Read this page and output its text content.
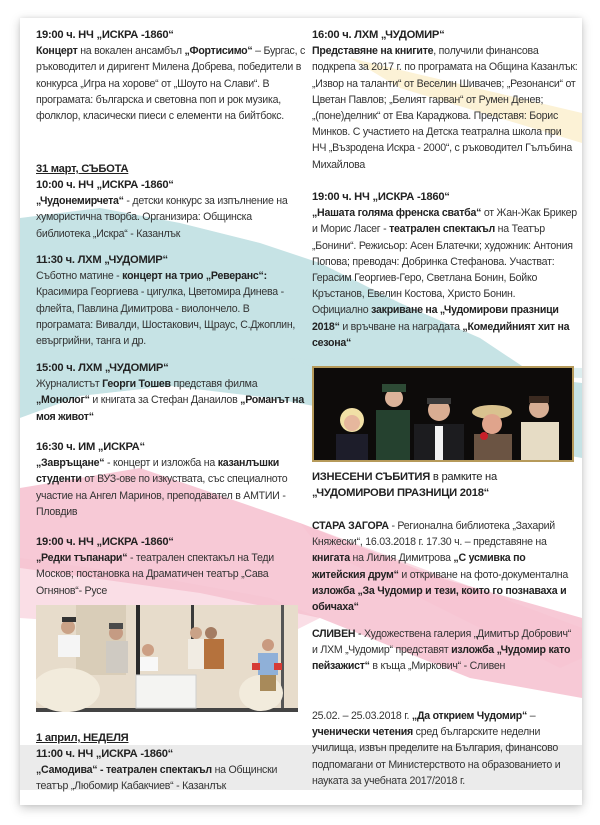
19:00 ч. НЧ „ИСКРА -1860“
Концерт на вокален ансамбъл „Фортисимо“ – Бургас, с ръководител и диригент Милена Добрева, победители в конкурса „Игра на хорове“ от „Шоуто на Слави“. В програмата: българска и световна поп и рок музика, фолклор, класически пиеси с елементи на бийтбокс.
31 март, СЪБОТА
10:00 ч. НЧ „ИСКРА -1860“
„Чудонемирчета“ - детски конкурс за изпълнение на хумористична творба. Организира: Общинска библиотека „Искра“ - Казанлък
11:30 ч. ЛХМ „ЧУДОМИР“
Съботно матине - концерт на трио „Реверанс“: Красимира Георгиева - цигулка, Цветомира Динева - флейта, Павлина Димитрова - виолончело. В програмата: Вивалди, Шостакович, Щраус, С.Джоплин, евъргрийни, танга и др.
15:00 ч. ЛХМ „ЧУДОМИР“
Журналистът Георги Тошев представя филма „Монолог“ и книгата за Стефан Данаилов „Романът на моя живот“
16:30 ч. ИМ „ИСКРА“
„Завръщане“ - концерт и изложба на казанлъшки студенти от ВУЗ-ове по изкуствата, със специалното участие на Ангел Маринов, преподавател в АМТИИ - Пловдив
19:00 ч. НЧ „ИСКРА -1860“
„Редки тъпанари“ - театрален спектакъл на Теди Москов; постановка на Драматичен театър „Сава Огнянов“- Русе
1 април, НЕДЕЛЯ
11:00 ч. НЧ „ИСКРА -1860“
„Самодива“ - театрален спектакъл на Общински театър „Любомир Кабакчиев“ - Казанлък
16:00 ч. ЛХМ „ЧУДОМИР“
Представяне на книгите, получили финансова подкрепа за 2017 г. по програмата на Община Казанлък: „Извор на таланти“ от Веселин Шивачев; „Резонанси“ от Цветан Павлов; „Белият гарван“ от Румен Денев; „(поне)делник“ от Ева Караджова. Представя: Борис Минков. С участието на Детска театрална школа при НЧ „Възродена Искра - 2000“, с ръководител Гълъбина Михайлова
19:00 ч. НЧ „ИСКРА -1860“
„Нашата голяма френска сватба“ от Жан-Жак Брикер и Морис Ласег - театрален спектакъл на Театър „Бонини“. Режисьор: Асен Блатечки; художник: Антония Попова; преводач: Добринка Стефанова. Участват: Герасим Георгиев-Геро, Светлана Бонин, Бойко Кръстанов, Евелин Костова, Христо Бонин.
Официално закриване на „Чудомирови празници 2018“ и връчване на наградата „Комедийният хит на сезона“
ИЗНЕСЕНИ СЪБИТИЯ в рамките на
„ЧУДОМИРОВИ ПРАЗНИЦИ 2018“
СТАРА ЗАГОРА - Регионална библиотека „Захарий Княжески“, 16.03.2018 г. 17.30 ч. – представяне на книгата на Лилия Димитрова „С усмивка по житейския друм“ и откриване на фото-документална изложба „За Чудомир и тези, които го познаваха и обичаха“
СЛИВЕН - Художествена галерия „Димитър Добрович“ и ЛХМ „Чудомир“ представят изложба „Чудомир като пейзажист“ в къща „Миркович“ - Сливен
25.02. – 25.03.2018 г. „Да открием Чудомир“ – ученически четения сред българските неделни училища, извън пределите на България, финансово подпомагани от Министерството на образованието и науката за учебната 2017/2018 г.
